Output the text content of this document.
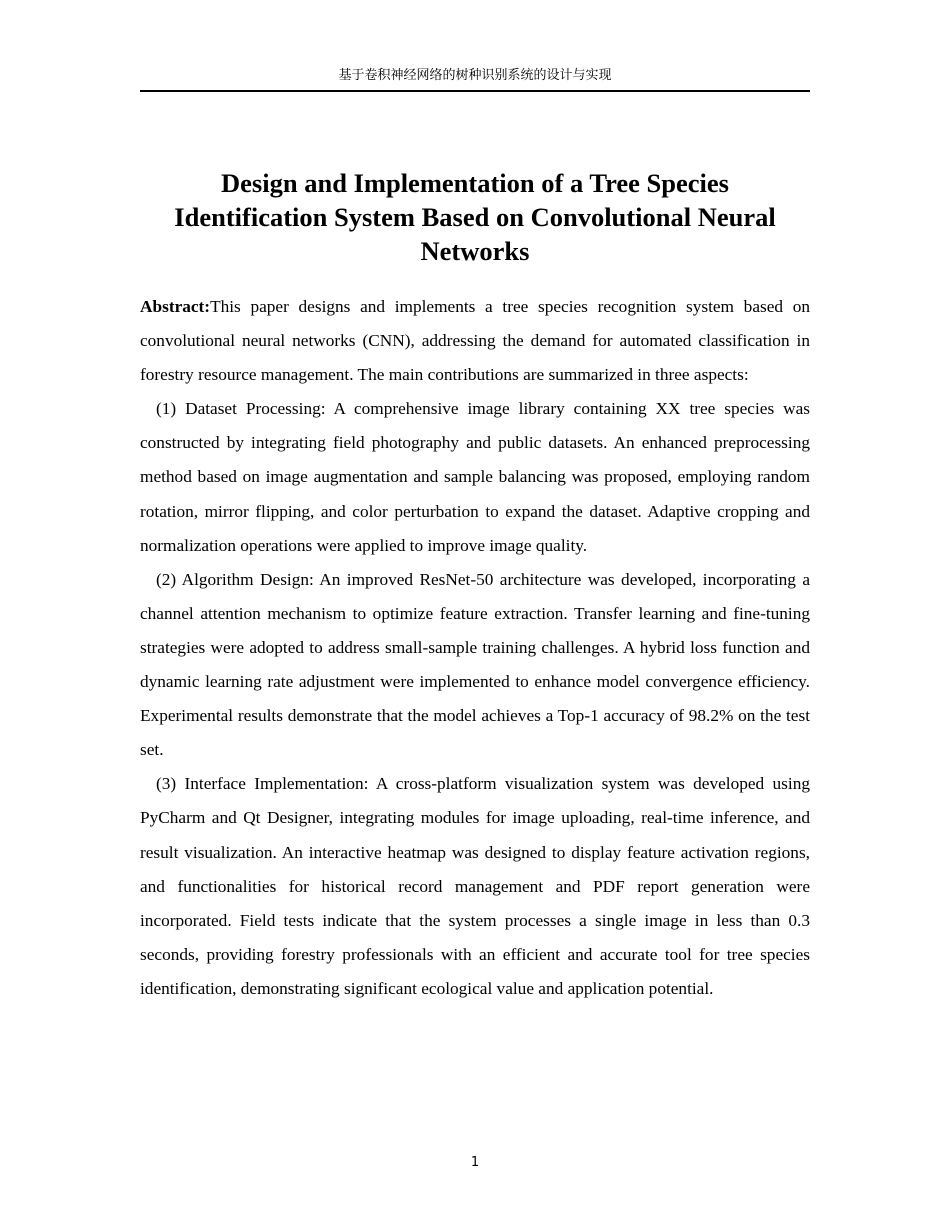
基于卷积神经网络的树种识别系统的设计与实现
Design and Implementation of a Tree Species
Identification System Based on Convolutional Neural
Networks

Abstract:This paper designs and implements a tree species recognition system based on convolutional neural networks (CNN), addressing the demand for automated classification in forestry resource management. The main contributions are summarized in three aspects:

(1) Dataset Processing: A comprehensive image library containing XX tree species was constructed by integrating field photography and public datasets. An enhanced preprocessing method based on image augmentation and sample balancing was proposed, employing random rotation, mirror flipping, and color perturbation to expand the dataset. Adaptive cropping and normalization operations were applied to improve image quality.

(2) Algorithm Design: An improved ResNet-50 architecture was developed, incorporating a channel attention mechanism to optimize feature extraction. Transfer learning and fine-tuning strategies were adopted to address small-sample training challenges. A hybrid loss function and dynamic learning rate adjustment were implemented to enhance model convergence efficiency. Experimental results demonstrate that the model achieves a Top-1 accuracy of 98.2% on the test set.

(3) Interface Implementation: A cross-platform visualization system was developed using PyCharm and Qt Designer, integrating modules for image uploading, real-time inference, and result visualization. An interactive heatmap was designed to display feature activation regions, and functionalities for historical record management and PDF report generation were incorporated. Field tests indicate that the system processes a single image in less than 0.3 seconds, providing forestry professionals with an efficient and accurate tool for tree species identification, demonstrating significant ecological value and application potential.

1
